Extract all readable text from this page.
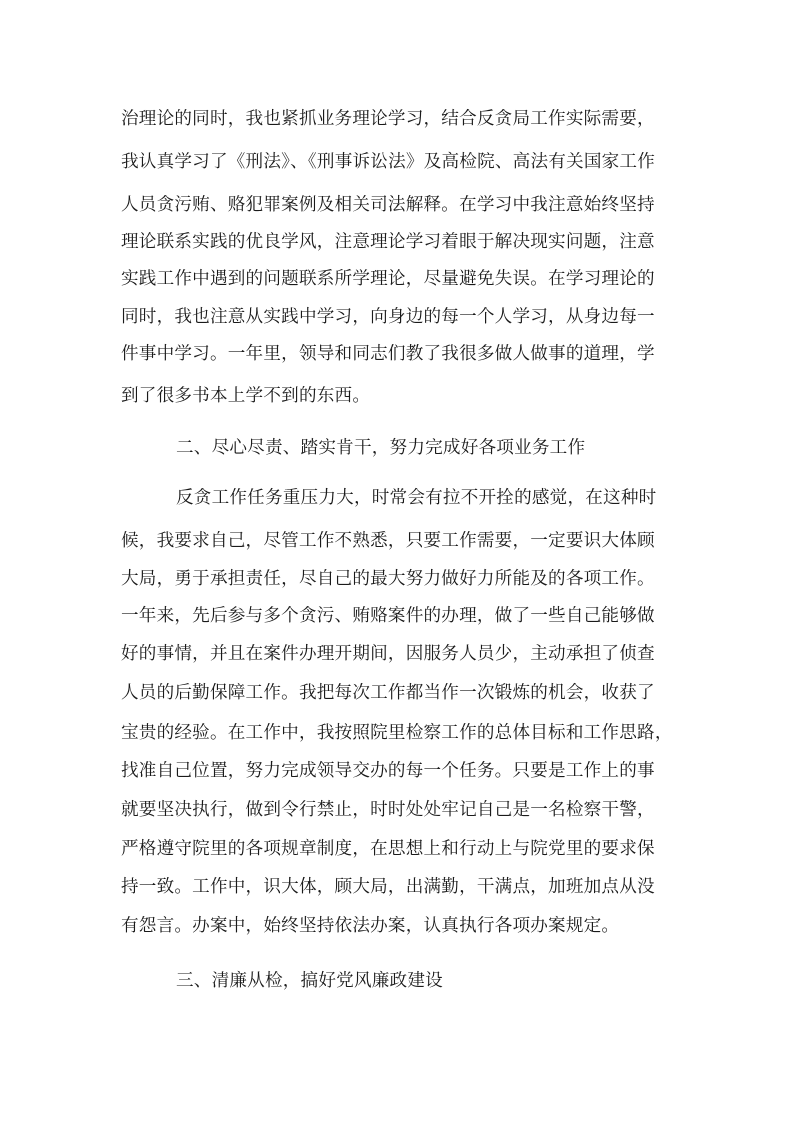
治理论的同时，我也紧抓业务理论学习，结合反贪局工作实际需要，
我认真学习了《刑法》、《刑事诉讼法》及高检院、高法有关国家工作
人员贪污贿、赂犯罪案例及相关司法解释。在学习中我注意始终坚持
理论联系实践的优良学风，注意理论学习着眼于解决现实问题，注意
实践工作中遇到的问题联系所学理论，尽量避免失误。在学习理论的
同时，我也注意从实践中学习，向身边的每一个人学习，从身边每一
件事中学习。一年里，领导和同志们教了我很多做人做事的道理，学
到了很多书本上学不到的东西。
二、尽心尽责、踏实肯干，努力完成好各项业务工作
反贪工作任务重压力大，时常会有拉不开拴的感觉，在这种时
候，我要求自己，尽管工作不熟悉，只要工作需要，一定要识大体顾
大局，勇于承担责任，尽自己的最大努力做好力所能及的各项工作。
一年来，先后参与多个贪污、贿赂案件的办理，做了一些自己能够做
好的事情，并且在案件办理开期间，因服务人员少，主动承担了侦查
人员的后勤保障工作。我把每次工作都当作一次锻炼的机会，收获了
宝贵的经验。在工作中，我按照院里检察工作的总体目标和工作思路，
找准自己位置，努力完成领导交办的每一个任务。只要是工作上的事
就要坚决执行，做到令行禁止，时时处处牢记自己是一名检察干警，
严格遵守院里的各项规章制度，在思想上和行动上与院党里的要求保
持一致。工作中，识大体，顾大局，出满勤，干满点，加班加点从没
有怨言。办案中，始终坚持依法办案，认真执行各项办案规定。
三、清廉从检，搞好党风廉政建设
